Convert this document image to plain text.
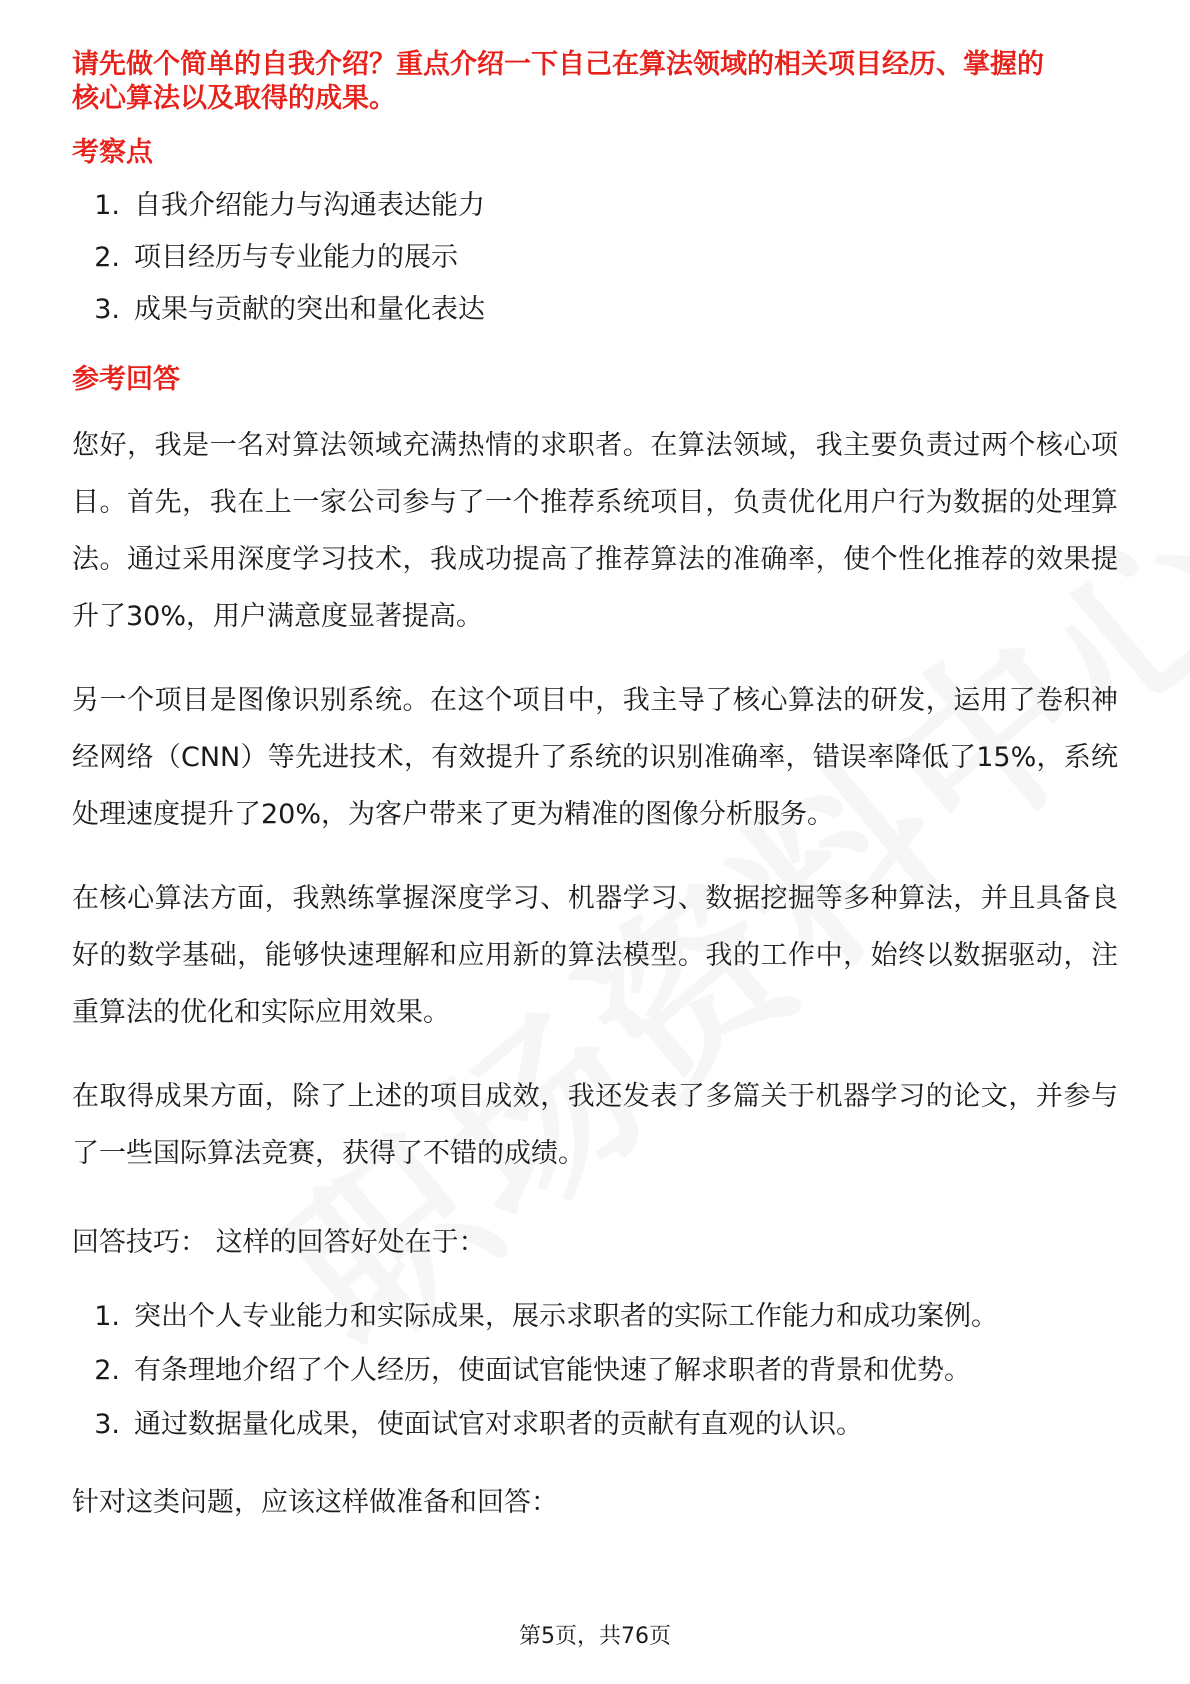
请先做个简单的自我介绍？重点介绍一下自己在算法领域的相关项目经历、掌握的

核心算法以及取得的成果。

考察点

1. 自我介绍能力与沟通表达能力
2. 项目经历与专业能力的展示
3. 成果与贡献的突出和量化表达

参考回答

您好，我是一名对算法领域充满热情的求职者。在算法领域，我主要负责过两个核心项目。首先，我在上一家公司参与了一个推荐系统项目，负责优化用户行为数据的处理算法。通过采用深度学习技术，我成功提高了推荐算法的准确率，使个性化推荐的效果提升了30%，用户满意度显著提高。

另一个项目是图像识别系统。在这个项目中，我主导了核心算法的研发，运用了卷积神经网络（CNN）等先进技术，有效提升了系统的识别准确率，错误率降低了15%，系统处理速度提升了20%，为客户带来了更为精准的图像分析服务。

在核心算法方面，我熟练掌握深度学习、机器学习、数据挖掘等多种算法，并且具备良好的数学基础，能够快速理解和应用新的算法模型。我的工作中，始终以数据驱动，注重算法的优化和实际应用效果。

在取得成果方面，除了上述的项目成效，我还发表了多篇关于机器学习的论文，并参与了一些国际算法竞赛，获得了不错的成绩。

回答技巧： 这样的回答好处在于：

1. 突出个人专业能力和实际成果，展示求职者的实际工作能力和成功案例。
2. 有条理地介绍了个人经历，使面试官能快速了解求职者的背景和优势。
3. 通过数据量化成果，使面试官对求职者的贡献有直观的认识。

针对这类问题，应该这样做准备和回答：

第5页，共76页
